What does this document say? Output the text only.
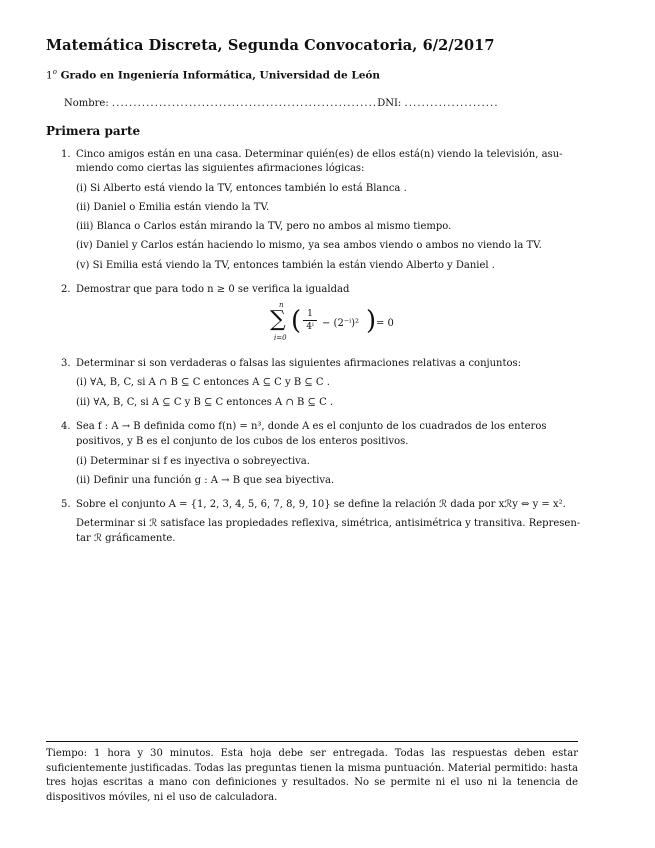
Matemática Discreta, Segunda Convocatoria, 6/2/2017
1$^o$ Grado en Ingeniería Informática, Universidad de León
Nombre: ..............................................................DNI: ......................
Primera parte
1. Cinco amigos están en una casa. Determinar quién(es) de ellos está(n) viendo la televisión, asu-
miendo como ciertas las siguientes afirmaciones lógicas:
(i) Si Alberto está viendo la TV, entonces también lo está Blanca .
(ii) Daniel o Emilia están viendo la TV.
(iii) Blanca o Carlos están mirando la TV, pero no ambos al mismo tiempo.
(iv) Daniel y Carlos están haciendo lo mismo, ya sea ambos viendo o ambos no viendo la TV.
(v) Si Emilia está viendo la TV, entonces también la están viendo Alberto y Daniel .
2. Demostrar que para todo n ≥ 0 se verifica la igualdad
n
∑
i=0
( 1
4ⁱ − (2⁻ⁱ)² ) = 0
3. Determinar si son verdaderas o falsas las siguientes afirmaciones relativas a conjuntos:
(i) ∀A, B, C, si A ∩ B ⊆ C entonces A ⊆ C y B ⊆ C .
(ii) ∀A, B, C, si A ⊆ C y B ⊆ C entonces A ∩ B ⊆ C .
4. Sea f : A → B definida como f(n) = n³, donde A es el conjunto de los cuadrados de los enteros
positivos, y B es el conjunto de los cubos de los enteros positivos.
(i) Determinar si f es inyectiva o sobreyectiva.
(ii) Definir una función g : A → B que sea biyectiva.
5. Sobre el conjunto A = {1, 2, 3, 4, 5, 6, 7, 8, 9, 10} se define la relación ℛ dada por xℛy ⇔ y = x².
Determinar si ℛ satisface las propiedades reflexiva, simétrica, antisimétrica y transitiva. Represen-
tar ℛ gráficamente.
Tiempo: 1 hora y 30 minutos. Esta hoja debe ser entregada. Todas las respuestas deben estar suficientemente justificadas. Todas las preguntas tienen la misma puntuación. Material permitido: hasta tres hojas escritas a mano con definiciones y resultados. No se permite ni el uso ni la tenencia de dispositivos móviles, ni el uso de calculadora.
